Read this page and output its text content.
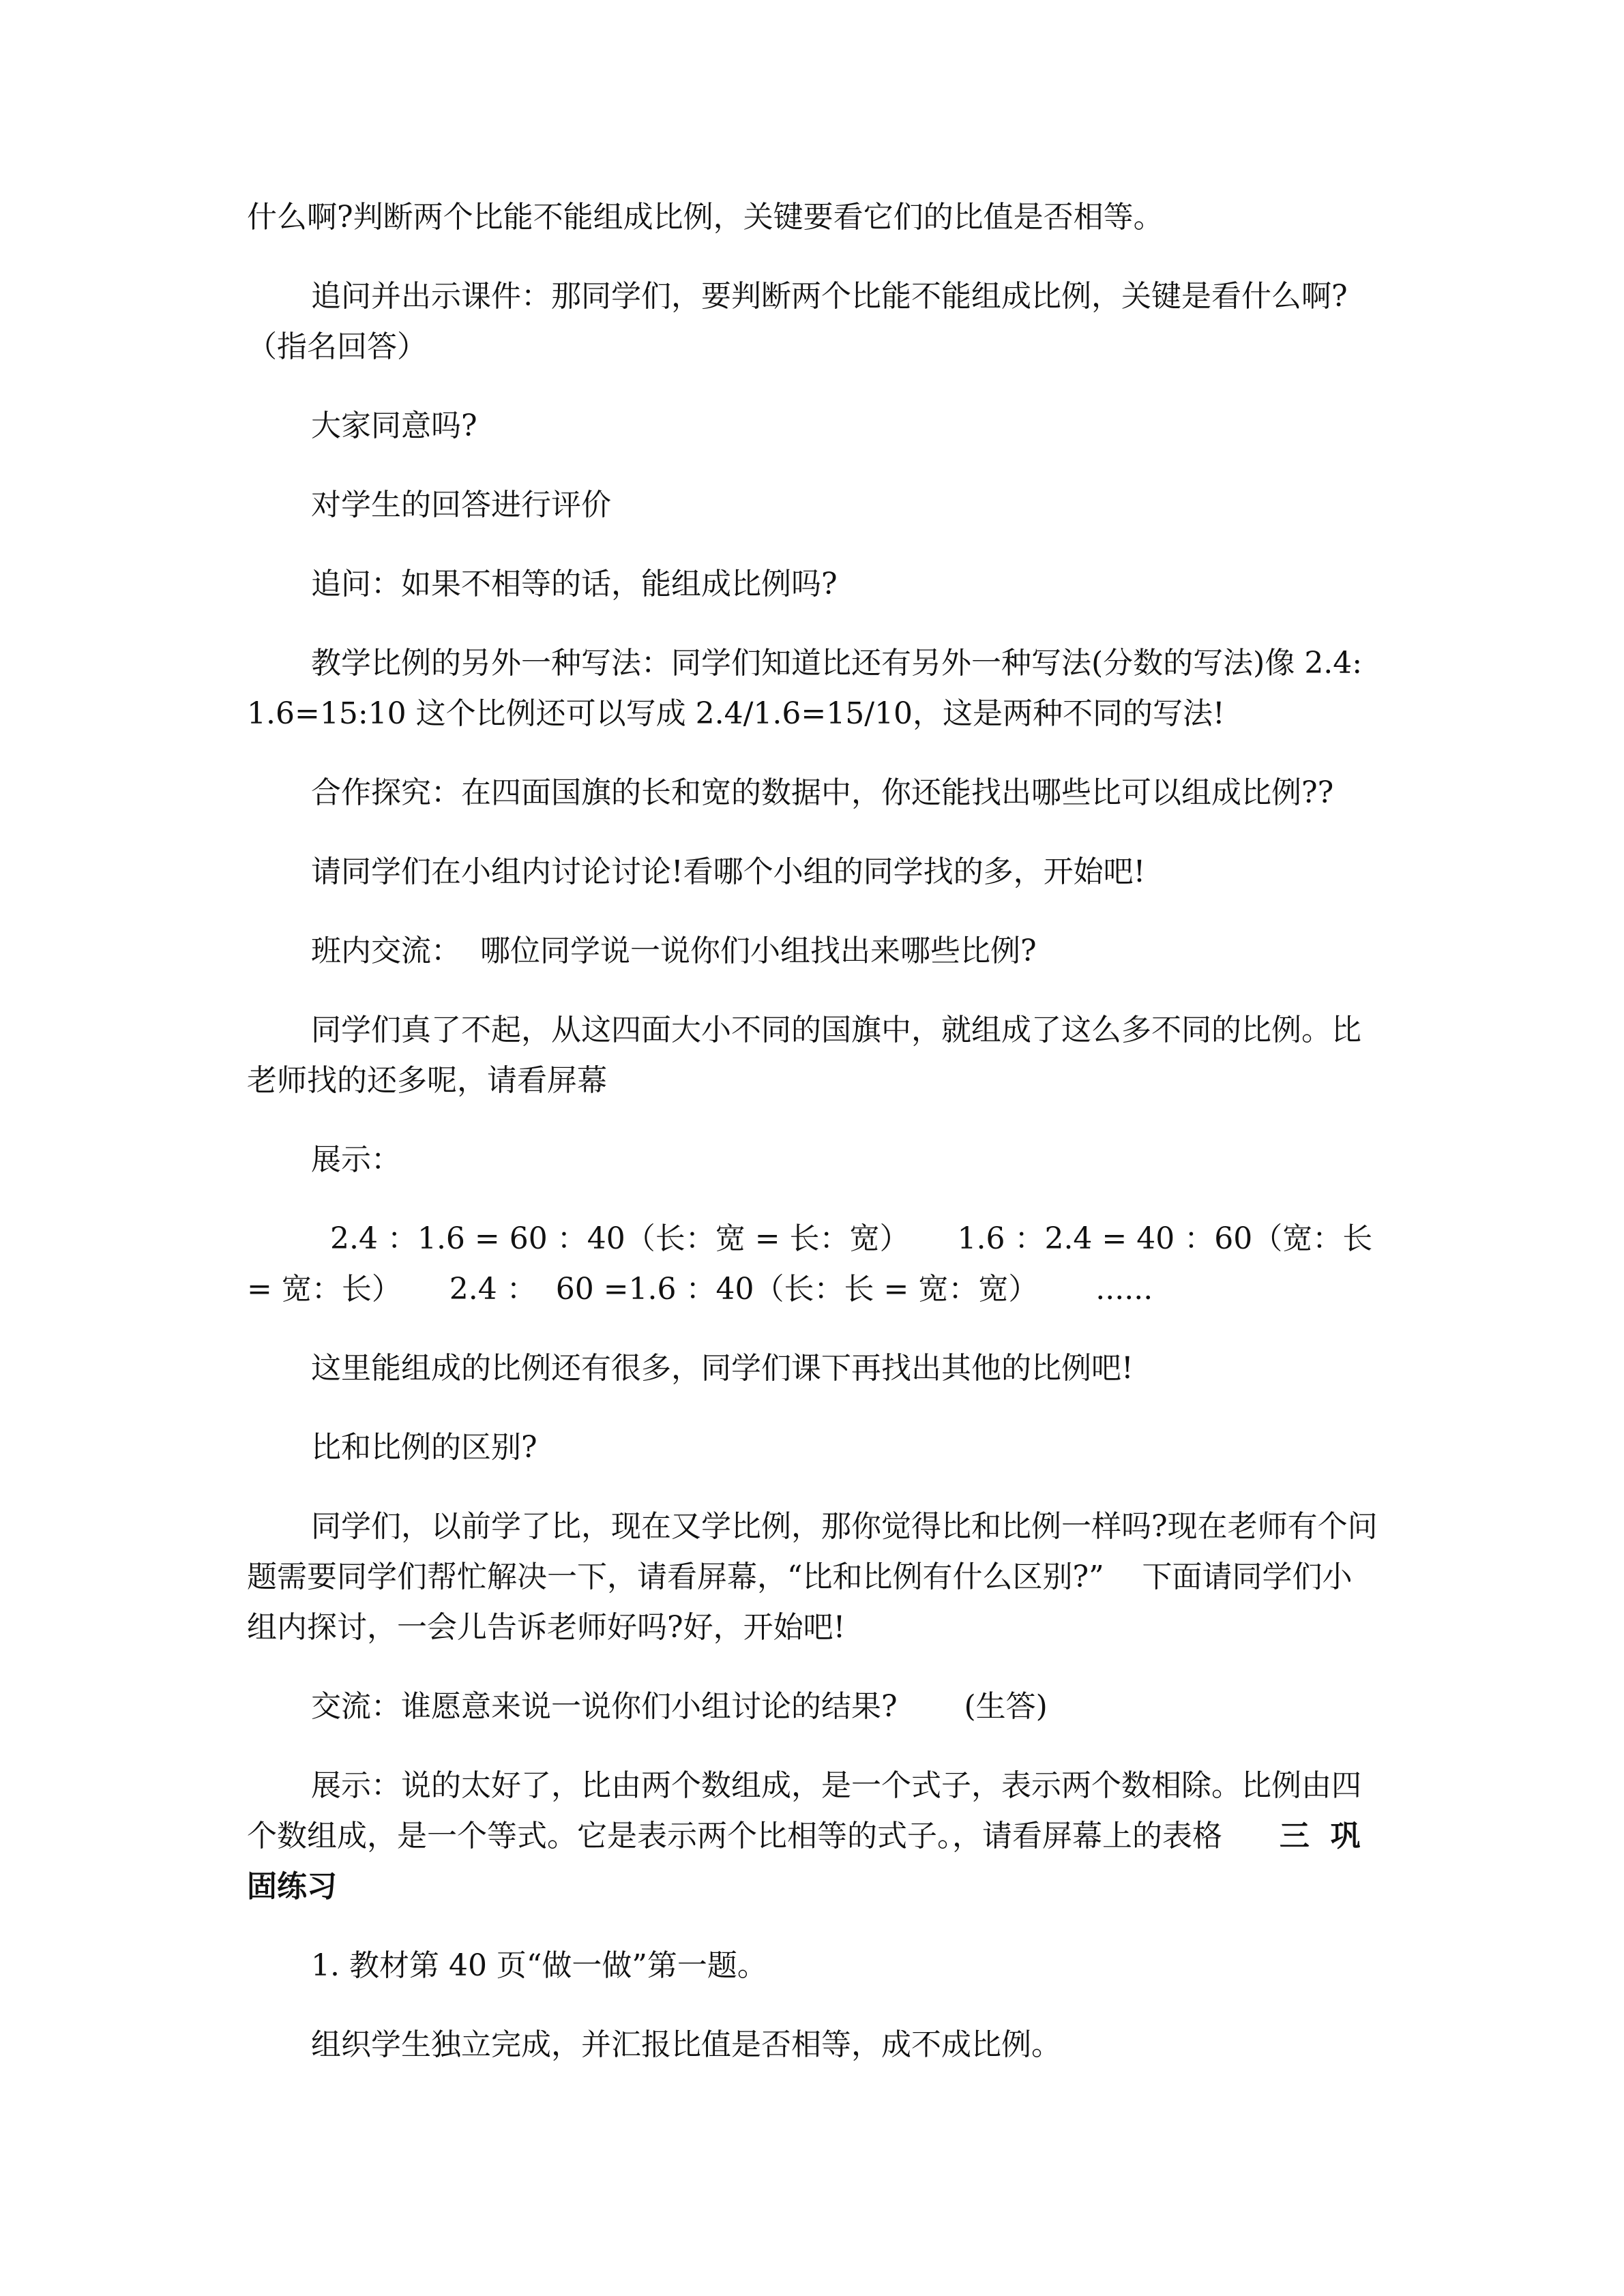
什么啊?判断两个比能不能组成比例，关键要看它们的比值是否相等。

追问并出示课件：那同学们，要判断两个比能不能组成比例，关键是看什么啊?（指名回答）

大家同意吗?

对学生的回答进行评价

追问：如果不相等的话，能组成比例吗?

教学比例的另外一种写法：同学们知道比还有另外一种写法(分数的写法)像 2.4:1.6=15:10 这个比例还可以写成 2.4/1.6=15/10，这是两种不同的写法!

合作探究：在四面国旗的长和宽的数据中，你还能找出哪些比可以组成比例??

请同学们在小组内讨论讨论!看哪个小组的同学找的多，开始吧!

班内交流：  哪位同学说一说你们小组找出来哪些比例?

同学们真了不起，从这四面大小不同的国旗中，就组成了这么多不同的比例。比老师找的还多呢，请看屏幕

展示：

2.4 ：1.6 = 60 ：40（长：宽 = 长：宽）     1.6 ：2.4 = 40 ：60（宽：长 = 宽：长）     2.4 ：  60 =1.6 ：40（长：长 = 宽：宽）      ......

这里能组成的比例还有很多，同学们课下再找出其他的比例吧!

比和比例的区别?

同学们，以前学了比，现在又学比例，那你觉得比和比例一样吗?现在老师有个问题需要同学们帮忙解决一下，请看屏幕，“比和比例有什么区别?”    下面请同学们小组内探讨，一会儿告诉老师好吗?好，开始吧!

交流：谁愿意来说一说你们小组讨论的结果?       (生答)

展示：说的太好了，比由两个数组成，是一个式子，表示两个数相除。比例由四个数组成，是一个等式。它是表示两个比相等的式子。，请看屏幕上的表格 三  巩固练习

1. 教材第 40 页“做一做”第一题。

组织学生独立完成，并汇报比值是否相等，成不成比例。
